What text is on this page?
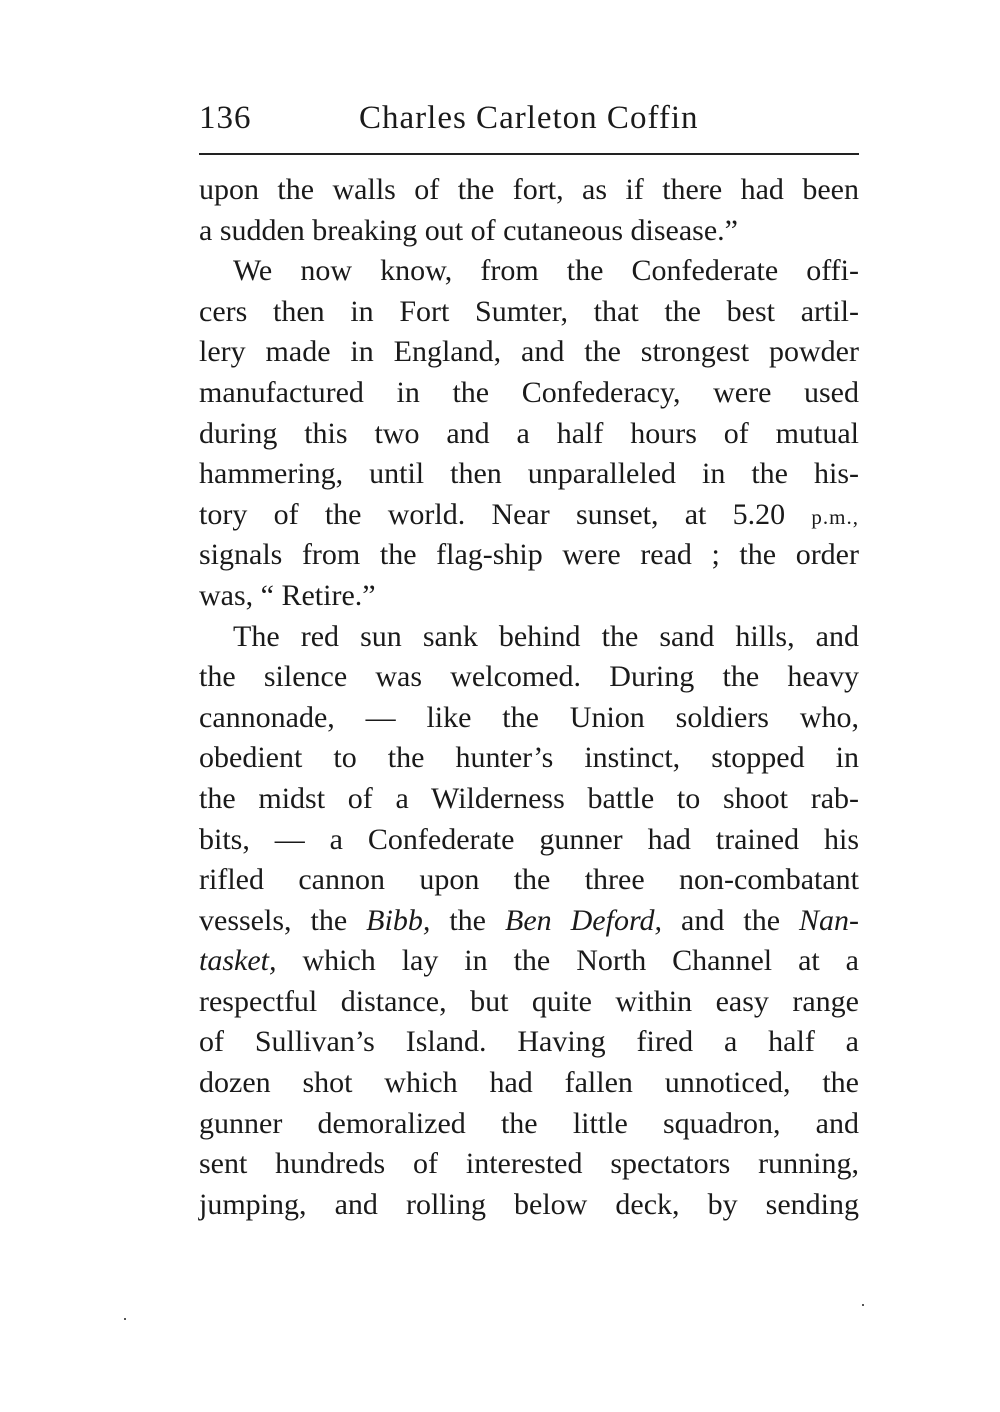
136	Charles Carleton Coffin
upon the walls of the fort, as if there had been
a sudden breaking out of cutaneous disease.”
We now know, from the Confederate offi-
cers then in Fort Sumter, that the best artil-
lery made in England, and the strongest powder
manufactured in the Confederacy, were used
during this two and a half hours of mutual
hammering, until then unparalleled in the his-
tory of the world. Near sunset, at 5.20 p.m.,
signals from the flag-ship were read ; the order
was, “ Retire.”
The red sun sank behind the sand hills, and
the silence was welcomed. During the heavy
cannonade, — like the Union soldiers who,
obedient to the hunter’s instinct, stopped in
the midst of a Wilderness battle to shoot rab-
bits, — a Confederate gunner had trained his
rifled cannon upon the three non-combatant
vessels, the Bibb, the Ben Deford, and the Nan-
tasket, which lay in the North Channel at a
respectful distance, but quite within easy range
of Sullivan’s Island. Having fired a half a
dozen shot which had fallen unnoticed, the
gunner demoralized the little squadron, and
sent hundreds of interested spectators running,
jumping, and rolling below deck, by sending
